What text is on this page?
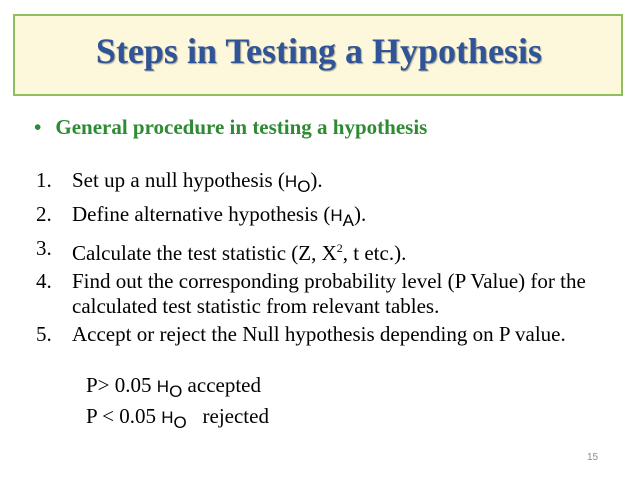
Steps in Testing a Hypothesis
• General procedure in testing a hypothesis
1. Set up a null hypothesis $(H_O)$.
2. Define alternative hypothesis $(H_A)$.
3. Calculate the test statistic (Z, $X^2$, t etc.).
4. Find out the corresponding probability level (P Value) for the calculated test statistic from relevant tables.
5. Accept or reject the Null hypothesis depending on P value.
P> 0.05 $H_O$ accepted
P < 0.05 $H_O$ rejected
15
